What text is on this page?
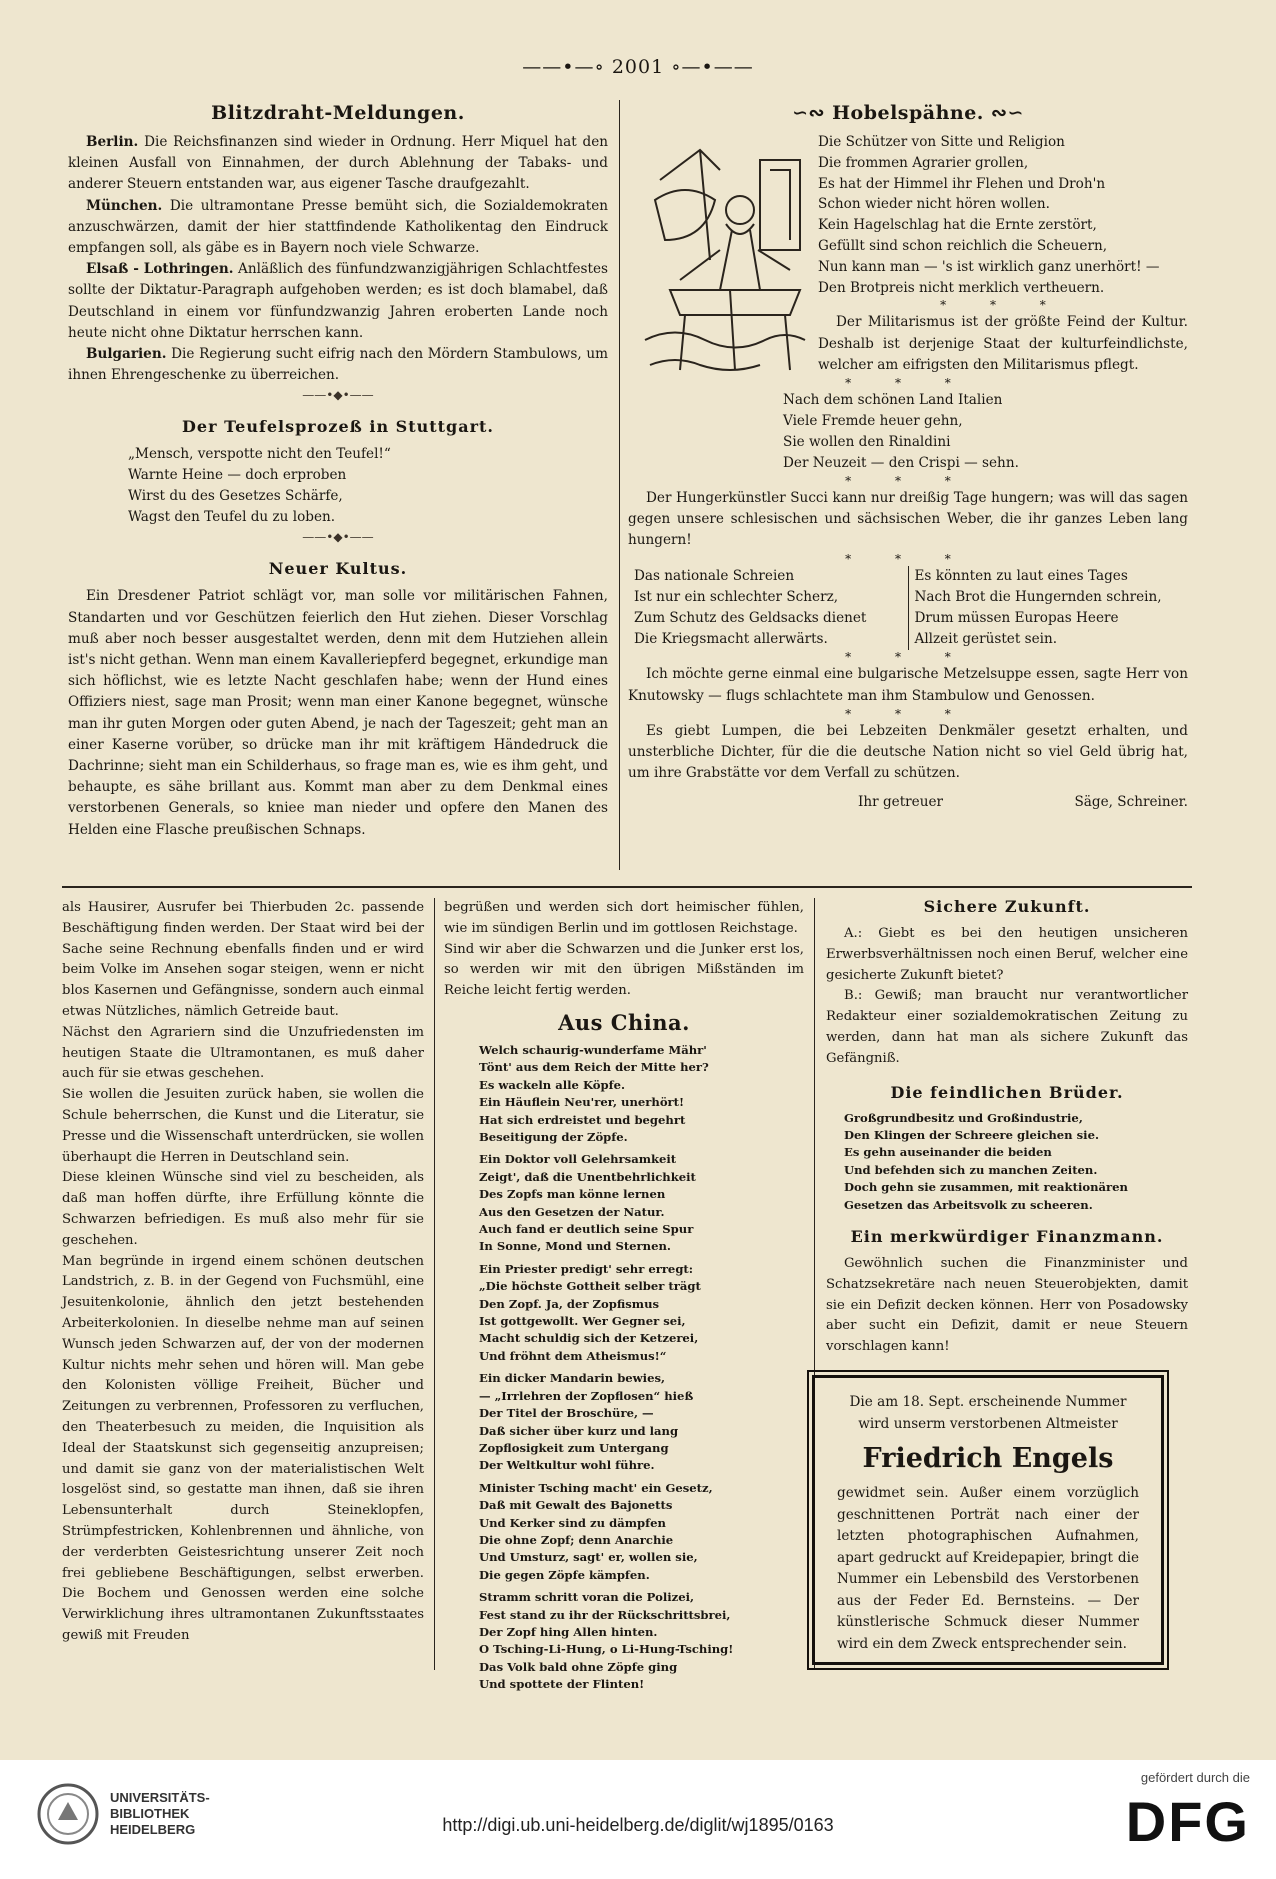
——•—∘ 2001 ∘—•——
Blitzdraht-Meldungen.

Berlin. Die Reichsfinanzen sind wieder in Ordnung. Herr Miquel hat den kleinen Ausfall von Einnahmen, der durch Ablehnung der Tabaks- und anderer Steuern entstanden war, aus eigener Tasche draufgezahlt.

München. Die ultramontane Presse bemüht sich, die Sozialdemokraten anzuschwärzen, damit der hier stattfindende Katholikentag den Eindruck empfangen soll, als gäbe es in Bayern noch viele Schwarze.

Elsaß - Lothringen. Anläßlich des fünfundzwanzigjährigen Schlachtfestes sollte der Diktatur-Paragraph aufgehoben werden; es ist doch blamabel, daß Deutschland in einem vor fünfundzwanzig Jahren eroberten Lande noch heute nicht ohne Diktatur herrschen kann.

Bulgarien. Die Regierung sucht eifrig nach den Mördern Stambulows, um ihnen Ehrengeschenke zu überreichen.

——•◆•——
Der Teufelsprozeß in Stuttgart.
„Mensch, verspotte nicht den Teufel!“
Warnte Heine — doch erproben
Wirst du des Gesetzes Schärfe,
Wagst den Teufel du zu loben.
——•◆•——
Neuer Kultus.

Ein Dresdener Patriot schlägt vor, man solle vor militärischen Fahnen, Standarten und vor Geschützen feierlich den Hut ziehen. Dieser Vorschlag muß aber noch besser ausgestaltet werden, denn mit dem Hutziehen allein ist's nicht gethan. Wenn man einem Kavalleriepferd begegnet, erkundige man sich höflichst, wie es letzte Nacht geschlafen habe; wenn der Hund eines Offiziers niest, sage man Prosit; wenn man einer Kanone begegnet, wünsche man ihr guten Morgen oder guten Abend, je nach der Tageszeit; geht man an einer Kaserne vorüber, so drücke man ihr mit kräftigem Händedruck die Dachrinne; sieht man ein Schilderhaus, so frage man es, wie es ihm geht, und behaupte, es sähe brillant aus. Kommt man aber zu dem Denkmal eines verstorbenen Generals, so kniee man nieder und opfere den Manen des Helden eine Flasche preußischen Schnaps.

∽∾ Hobelspähne. ∾∽
Die Schützer von Sitte und Religion
Die frommen Agrarier grollen,
Es hat der Himmel ihr Flehen und Droh'n
Schon wieder nicht hören wollen.
Kein Hagelschlag hat die Ernte zerstört,
Gefüllt sind schon reichlich die Scheuern,
Nun kann man — 's ist wirklich ganz unerhört! —
Den Brotpreis nicht merklich vertheuern.
* * *

Der Militarismus ist der größte Feind der Kultur. Deshalb ist derjenige Staat der kulturfeindlichste, welcher am eifrigsten den Militarismus pflegt.

* * *
Nach dem schönen Land Italien
Viele Fremde heuer gehn,
Sie wollen den Rinaldini
Der Neuzeit — den Crispi — sehn.
* * *

Der Hungerkünstler Succi kann nur dreißig Tage hungern; was will das sagen gegen unsere schlesischen und sächsischen Weber, die ihr ganzes Leben lang hungern!

* * *
Das nationale Schreien
Ist nur ein schlechter Scherz,
Zum Schutz des Geldsacks dienet
Die Kriegsmacht allerwärts.
Es könnten zu laut eines Tages
Nach Brot die Hungernden schrein,
Drum müssen Europas Heere
Allzeit gerüstet sein.
* * *

Ich möchte gerne einmal eine bulgarische Metzelsuppe essen, sagte Herr von Knutowsky — flugs schlachtete man ihm Stambulow und Genossen.

* * *

Es giebt Lumpen, die bei Lebzeiten Denkmäler gesetzt erhalten, und unsterbliche Dichter, für die die deutsche Nation nicht so viel Geld übrig hat, um ihre Grabstätte vor dem Verfall zu schützen.

Ihr getreuer	Säge, Schreiner.

als Hausirer, Ausrufer bei Thierbuden 2c. passende Beschäftigung finden werden. Der Staat wird bei der Sache seine Rechnung ebenfalls finden und er wird beim Volke im Ansehen sogar steigen, wenn er nicht blos Kasernen und Gefängnisse, sondern auch einmal etwas Nützliches, nämlich Getreide baut.
Nächst den Agrariern sind die Unzufriedensten im heutigen Staate die Ultramontanen, es muß daher auch für sie etwas geschehen.
Sie wollen die Jesuiten zurück haben, sie wollen die Schule beherrschen, die Kunst und die Literatur, sie Presse und die Wissenschaft unterdrücken, sie wollen überhaupt die Herren in Deutschland sein.
Diese kleinen Wünsche sind viel zu bescheiden, als daß man hoffen dürfte, ihre Erfüllung könnte die Schwarzen befriedigen. Es muß also mehr für sie geschehen.
Man begründe in irgend einem schönen deutschen Landstrich, z. B. in der Gegend von Fuchsmühl, eine Jesuitenkolonie, ähnlich den jetzt bestehenden Arbeiterkolonien. In dieselbe nehme man auf seinen Wunsch jeden Schwarzen auf, der von der modernen Kultur nichts mehr sehen und hören will. Man gebe den Kolonisten völlige Freiheit, Bücher und Zeitungen zu verbrennen, Professoren zu verfluchen, den Theaterbesuch zu meiden, die Inquisition als Ideal der Staatskunst sich gegenseitig anzupreisen; und damit sie ganz von der materialistischen Welt losgelöst sind, so gestatte man ihnen, daß sie ihren Lebensunterhalt durch Steineklopfen, Strümpfestricken, Kohlenbrennen und ähnliche, von der verderbten Geistesrichtung unserer Zeit noch frei gebliebene Beschäftigungen, selbst erwerben. Die Bochem und Genossen werden eine solche Verwirklichung ihres ultramontanen Zukunftsstaates gewiß mit Freuden

begrüßen und werden sich dort heimischer fühlen, wie im sündigen Berlin und im gottlosen Reichstage.
Sind wir aber die Schwarzen und die Junker erst los, so werden wir mit den übrigen Mißständen im Reiche leicht fertig werden.

Aus China.
Welch schaurig-wunderfame Mähr'
Tönt' aus dem Reich der Mitte her?
Es wackeln alle Köpfe.
Ein Häuflein Neu'rer, unerhört!
Hat sich erdreistet und begehrt
Beseitigung der Zöpfe.
Ein Doktor voll Gelehrsamkeit
Zeigt', daß die Unentbehrlichkeit
Des Zopfs man könne lernen
Aus den Gesetzen der Natur.
Auch fand er deutlich seine Spur
In Sonne, Mond und Sternen.
Ein Priester predigt' sehr erregt:
„Die höchste Gottheit selber trägt
Den Zopf. Ja, der Zopfismus
Ist gottgewollt. Wer Gegner sei,
Macht schuldig sich der Ketzerei,
Und fröhnt dem Atheismus!“
Ein dicker Mandarin bewies,
— „Irrlehren der Zopflosen“ hieß
Der Titel der Broschüre, —
Daß sicher über kurz und lang
Zopflosigkeit zum Untergang
Der Weltkultur wohl führe.
Minister Tsching macht' ein Gesetz,
Daß mit Gewalt des Bajonetts
Und Kerker sind zu dämpfen
Die ohne Zopf; denn Anarchie
Und Umsturz, sagt' er, wollen sie,
Die gegen Zöpfe kämpfen.
Stramm schritt voran die Polizei,
Fest stand zu ihr der Rückschrittsbrei,
Der Zopf hing Allen hinten.
O Tsching-Li-Hung, o Li-Hung-Tsching!
Das Volk bald ohne Zöpfe ging
Und spottete der Flinten!
Sichere Zukunft.

A.: Giebt es bei den heutigen unsicheren Erwerbsverhältnissen noch einen Beruf, welcher eine gesicherte Zukunft bietet?

B.: Gewiß; man braucht nur verantwortlicher Redakteur einer sozialdemokratischen Zeitung zu werden, dann hat man als sichere Zukunft das Gefängniß.

Die feindlichen Brüder.
Großgrundbesitz und Großindustrie,
Den Klingen der Schreere gleichen sie.
Es gehn auseinander die beiden
Und befehden sich zu manchen Zeiten.
Doch gehn sie zusammen, mit reaktionären
Gesetzen das Arbeitsvolk zu scheeren.
Ein merkwürdiger Finanzmann.

Gewöhnlich suchen die Finanzminister und Schatzsekretäre nach neuen Steuerobjekten, damit sie ein Defizit decken können. Herr von Posadowsky aber sucht ein Defizit, damit er neue Steuern vorschlagen kann!

Die am 18. Sept. erscheinende Nummer wird unserm verstorbenen Altmeister

Friedrich Engels

gewidmet sein. Außer einem vorzüglich geschnittenen Porträt nach einer der letzten photographischen Aufnahmen, apart gedruckt auf Kreidepapier, bringt die Nummer ein Lebensbild des Verstorbenen aus der Feder Ed. Bernsteins. — Der künstlerische Schmuck dieser Nummer wird ein dem Zweck entsprechender sein.

UNIVERSITÄTS-
BIBLIOTHEK
HEIDELBERG	http://digi.ub.uni-heidelberg.de/diglit/wj1895/0163
gefördert durch die
DFG
